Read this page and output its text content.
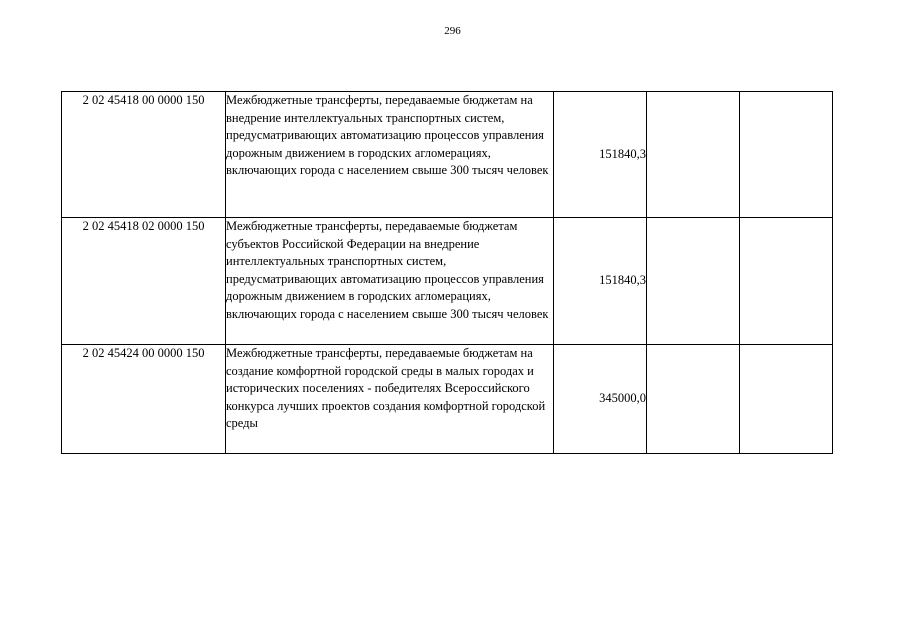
296
2 02 45418 00 0000 150	Межбюджетные трансферты, передаваемые бюджетам на внедрение интеллектуальных транспортных систем, предусматривающих автоматизацию процессов управления дорожным движением в городских агломерациях, включающих города с населением свыше 300 тысяч человек	151840,3		
2 02 45418 02 0000 150	Межбюджетные трансферты, передаваемые бюджетам субъектов Российской Федерации на внедрение интеллектуальных транспортных систем, предусматривающих автоматизацию процессов управления дорожным движением в городских агломерациях, включающих города с населением свыше 300 тысяч человек	151840,3		
2 02 45424 00 0000 150	Межбюджетные трансферты, передаваемые бюджетам на создание комфортной городской среды в малых городах и исторических поселениях - победителях Всероссийского конкурса лучших проектов создания комфортной городской среды	345000,0		
